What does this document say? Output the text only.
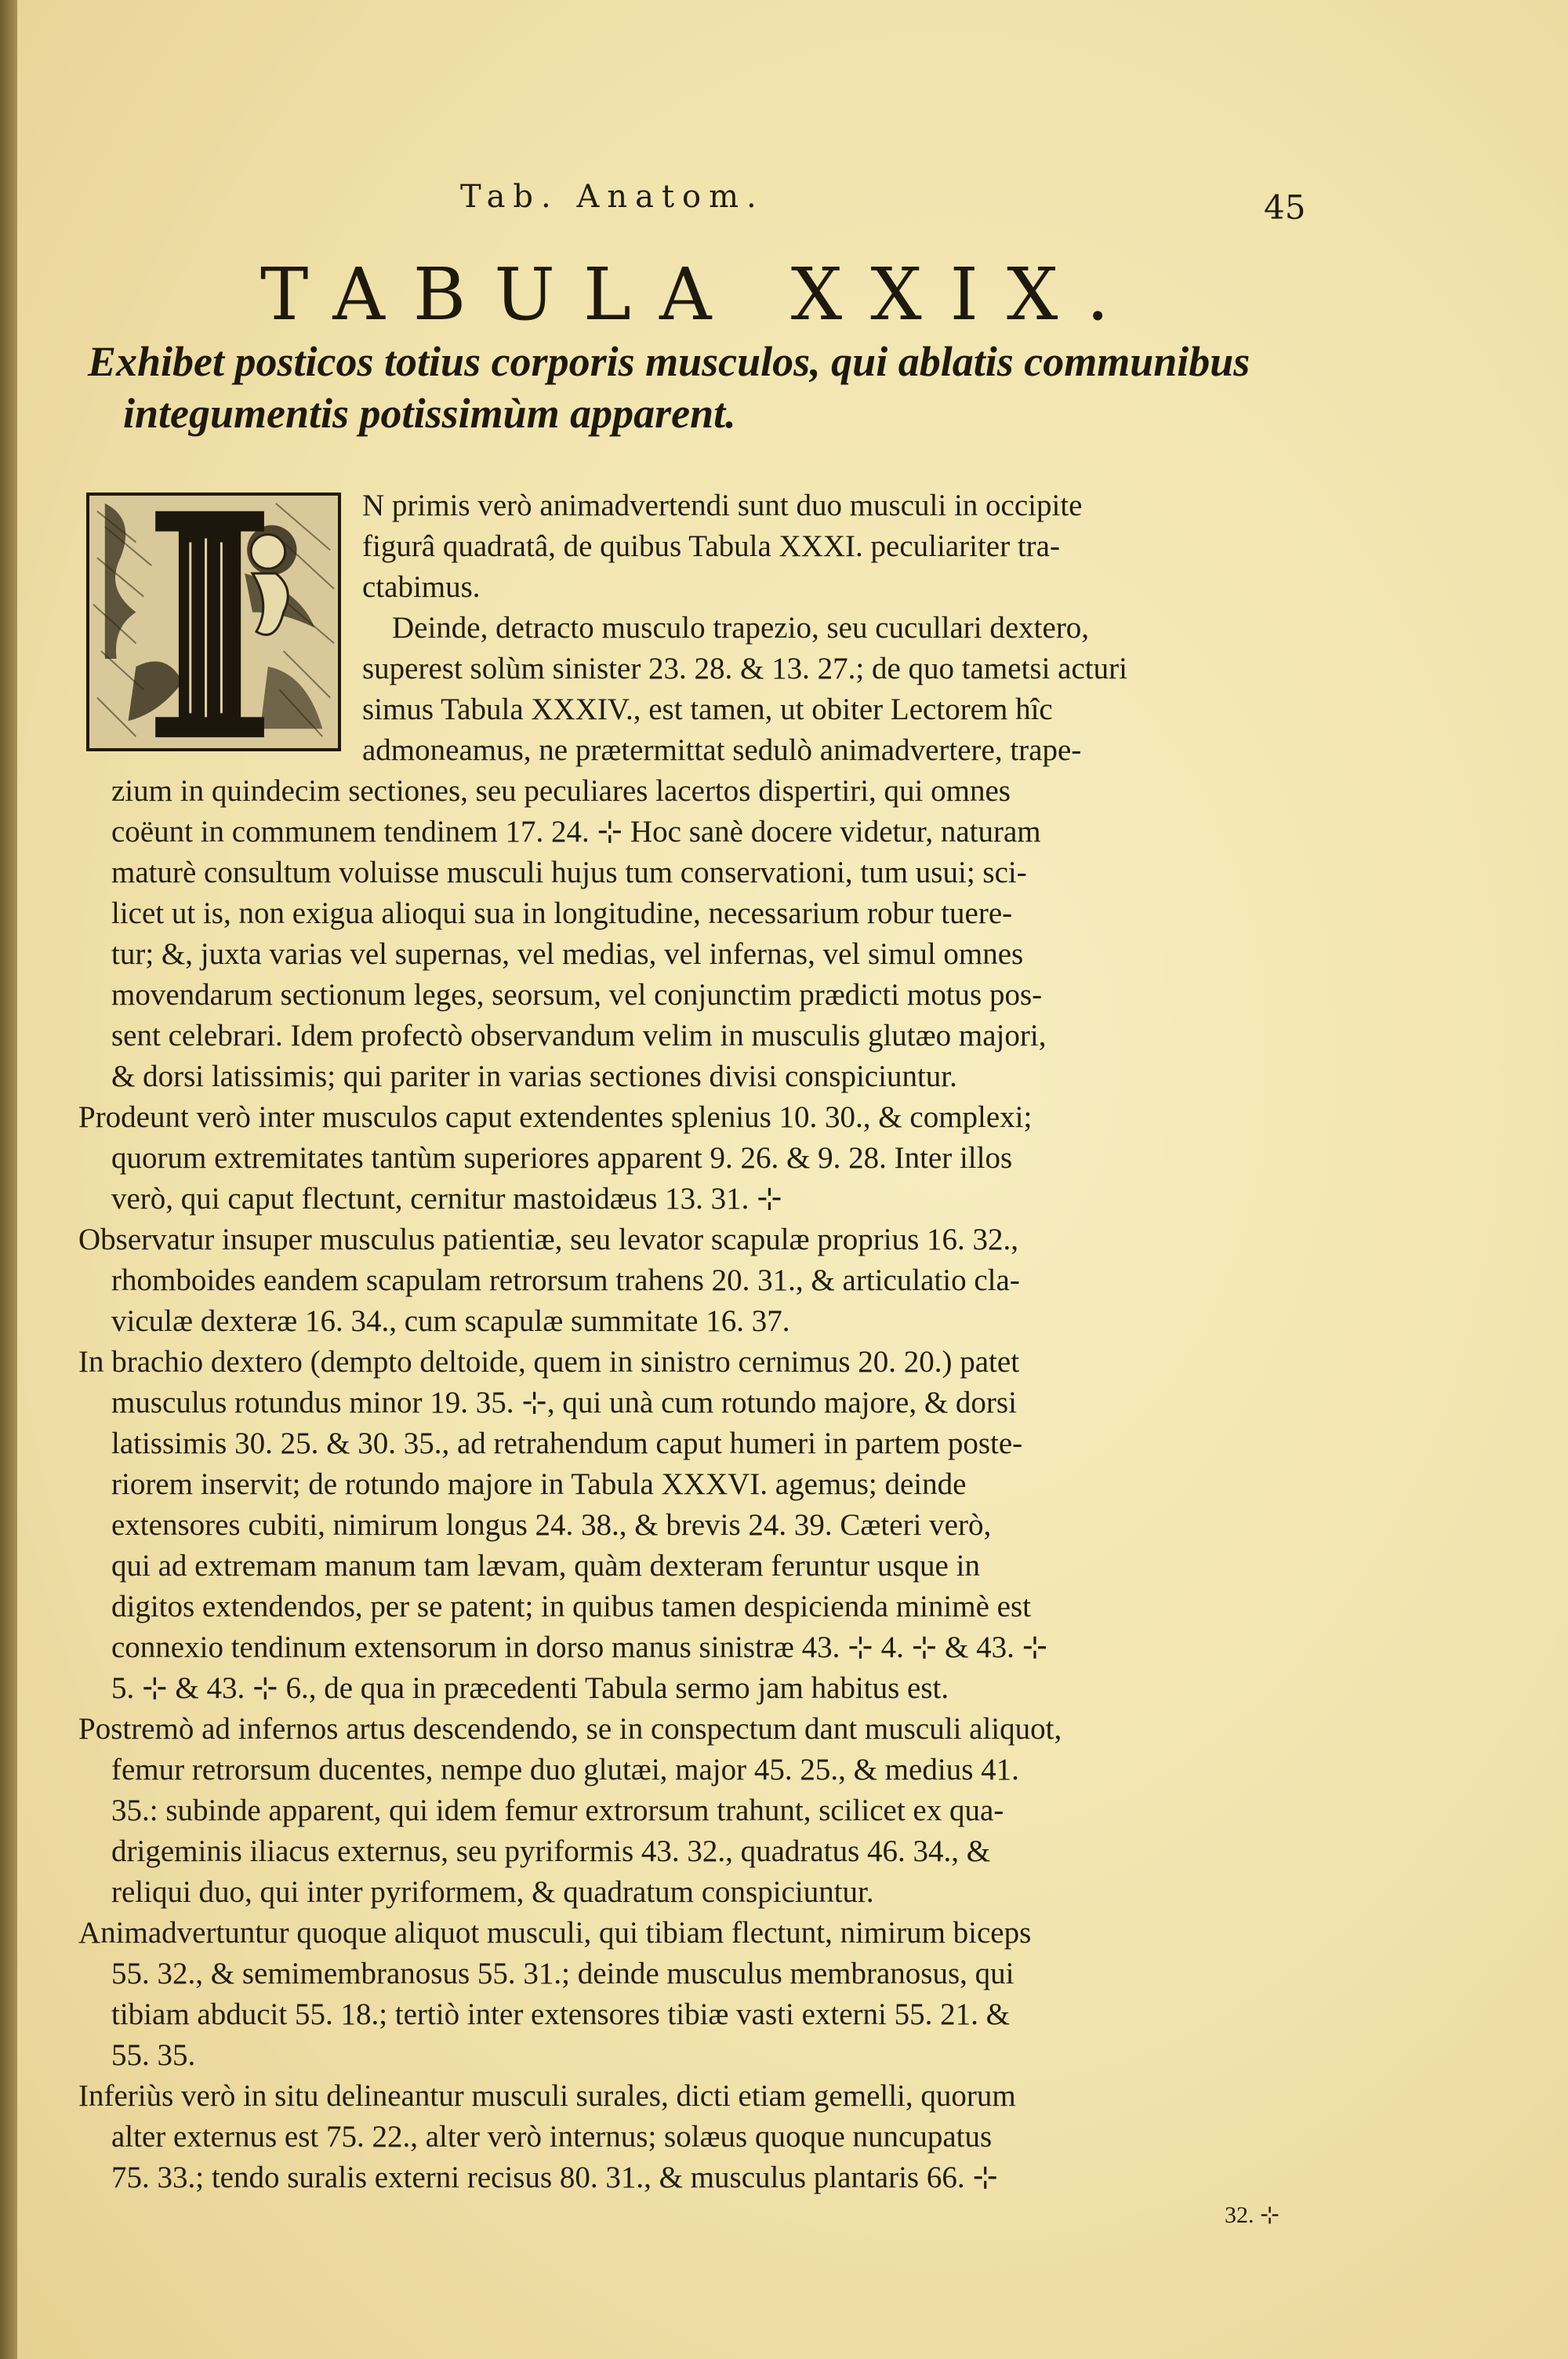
Tab. Anatom.	45
TABULA XXIX.
Exhibet posticos totius corporis musculos, qui ablatis communibus
integumentis potissimùm apparent.
N primis verò animadvertendi sunt duo musculi in occipite
figurâ quadratâ, de quibus Tabula XXXI. peculiariter tra-
ctabimus.
Deinde, detracto musculo trapezio, seu cucullari dextero,
superest solùm sinister 23. 28. & 13. 27.; de quo tametsi acturi
simus Tabula XXXIV., est tamen, ut obiter Lectorem hîc
admoneamus, ne prætermittat sedulò animadvertere, trape-
zium in quindecim sectiones, seu peculiares lacertos dispertiri, qui omnes
coëunt in communem tendinem 17. 24. ⊹ Hoc sanè docere videtur, naturam
maturè consultum voluisse musculi hujus tum conservationi, tum usui; sci-
licet ut is, non exigua alioqui sua in longitudine, necessarium robur tuere-
tur; &, juxta varias vel supernas, vel medias, vel infernas, vel simul omnes
movendarum sectionum leges, seorsum, vel conjunctim prædicti motus pos-
sent celebrari. Idem profectò observandum velim in musculis glutæo majori,
& dorsi latissimis; qui pariter in varias sectiones divisi conspiciuntur.
Prodeunt verò inter musculos caput extendentes splenius 10. 30., & complexi;
quorum extremitates tantùm superiores apparent 9. 26. & 9. 28. Inter illos
verò, qui caput flectunt, cernitur mastoidæus 13. 31. ⊹
Observatur insuper musculus patientiæ, seu levator scapulæ proprius 16. 32.,
rhomboides eandem scapulam retrorsum trahens 20. 31., & articulatio cla-
viculæ dexteræ 16. 34., cum scapulæ summitate 16. 37.
In brachio dextero (dempto deltoide, quem in sinistro cernimus 20. 20.) patet
musculus rotundus minor 19. 35. ⊹, qui unà cum rotundo majore, & dorsi
latissimis 30. 25. & 30. 35., ad retrahendum caput humeri in partem poste-
riorem inservit; de rotundo majore in Tabula XXXVI. agemus; deinde
extensores cubiti, nimirum longus 24. 38., & brevis 24. 39. Cæteri verò,
qui ad extremam manum tam lævam, quàm dexteram feruntur usque in
digitos extendendos, per se patent; in quibus tamen despicienda minimè est
connexio tendinum extensorum in dorso manus sinistræ 43. ⊹ 4. ⊹ & 43. ⊹
5. ⊹ & 43. ⊹ 6., de qua in præcedenti Tabula sermo jam habitus est.
Postremò ad infernos artus descendendo, se in conspectum dant musculi aliquot,
femur retrorsum ducentes, nempe duo glutæi, major 45. 25., & medius 41.
35.: subinde apparent, qui idem femur extrorsum trahunt, scilicet ex qua-
drigeminis iliacus externus, seu pyriformis 43. 32., quadratus 46. 34., &
reliqui duo, qui inter pyriformem, & quadratum conspiciuntur.
Animadvertuntur quoque aliquot musculi, qui tibiam flectunt, nimirum biceps
55. 32., & semimembranosus 55. 31.; deinde musculus membranosus, qui
tibiam abducit 55. 18.; tertiò inter extensores tibiæ vasti externi 55. 21. &
55. 35.
Inferiùs verò in situ delineantur musculi surales, dicti etiam gemelli, quorum
alter externus est 75. 22., alter verò internus; solæus quoque nuncupatus
75. 33.; tendo suralis externi recisus 80. 31., & musculus plantaris 66. ⊹
32. ⊹
